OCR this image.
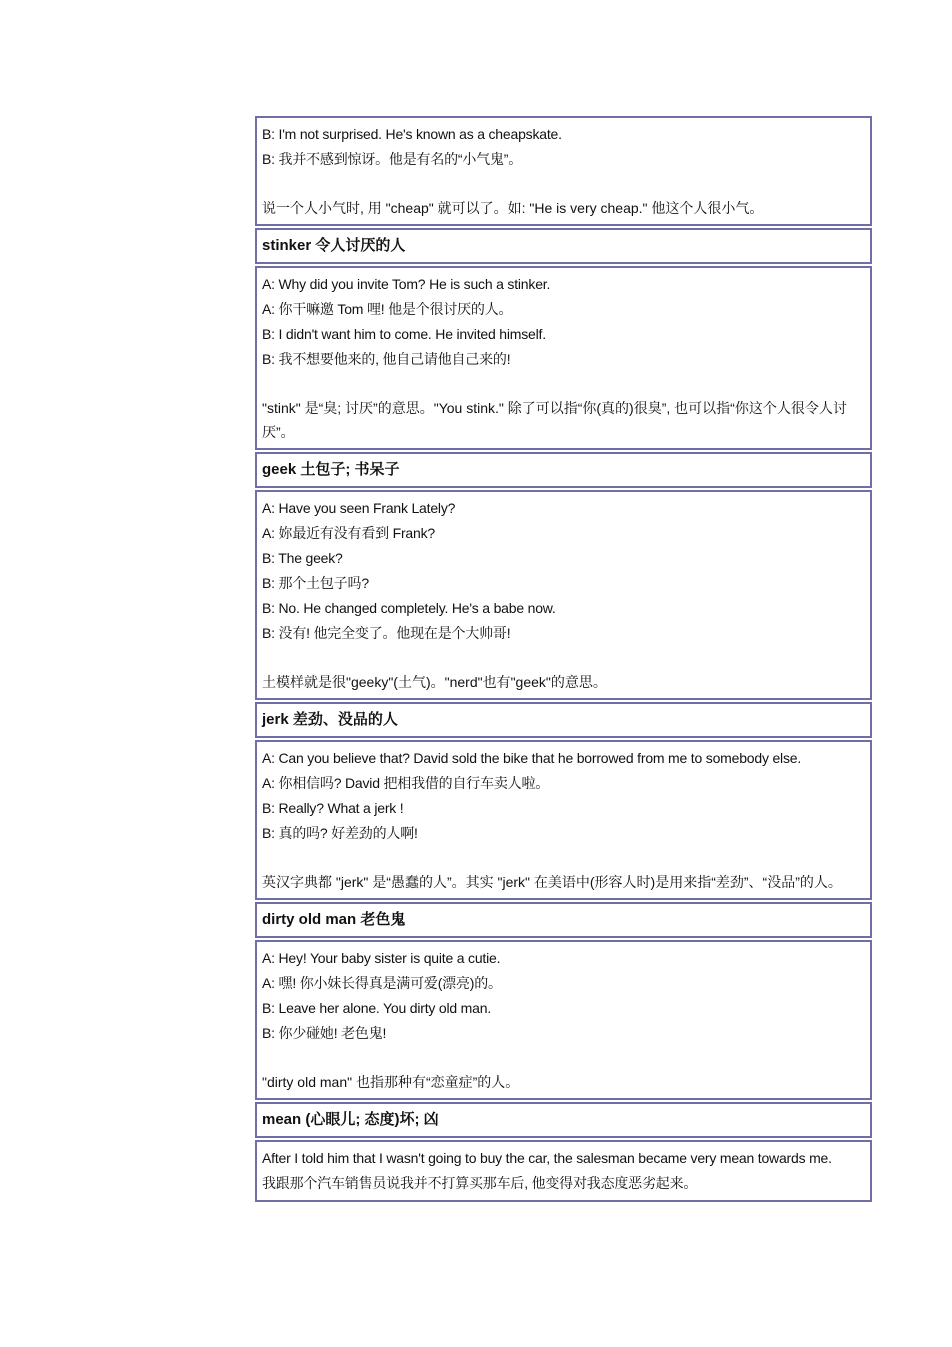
B: I'm not surprised. He's known as a cheapskate.
B: 我并不感到惊讶。他是有名的“小气鬼”。
说一个人小气时, 用 "cheap" 就可以了。如: "He is very cheap." 他这个人很小气。
stinker 令人讨厌的人
A: Why did you invite Tom? He is such a stinker.
A: 你干嘛邀 Tom 哩! 他是个很讨厌的人。
B: I didn't want him to come. He invited himself.
B: 我不想要他来的, 他自己请他自己来的!
"stink" 是“臭; 讨厌”的意思。"You stink." 除了可以指“你(真的)很臭”, 也可以指“你这个人很令人讨厌”。
geek 土包子; 书呆子
A: Have you seen Frank Lately?
A: 妳最近有没有看到 Frank?
B: The geek?
B: 那个土包子吗?
B: No. He changed completely. He's a babe now.
B: 没有! 他完全变了。他现在是个大帅哥!
土模样就是很"geeky"(土气)。"nerd"也有"geek"的意思。
jerk 差劲、没品的人
A: Can you believe that? David sold the bike that he borrowed from me to somebody else.
A: 你相信吗? David 把相我借的自行车卖人啦。
B: Really? What a jerk !
B: 真的吗? 好差劲的人啊!
英汉字典都 "jerk" 是“愚蠢的人”。其实 "jerk" 在美语中(形容人时)是用来指“差劲”、“没品”的人。
dirty old man 老色鬼
A: Hey! Your baby sister is quite a cutie.
A: 嘿! 你小妹长得真是满可爱(漂亮)的。
B: Leave her alone. You dirty old man.
B: 你少碰她! 老色鬼!
"dirty old man" 也指那种有“恋童症”的人。
mean (心眼儿; 态度)坏; 凶
After I told him that I wasn't going to buy the car, the salesman became very mean towards me.
我跟那个汽车销售员说我并不打算买那车后, 他变得对我态度恶劣起来。
